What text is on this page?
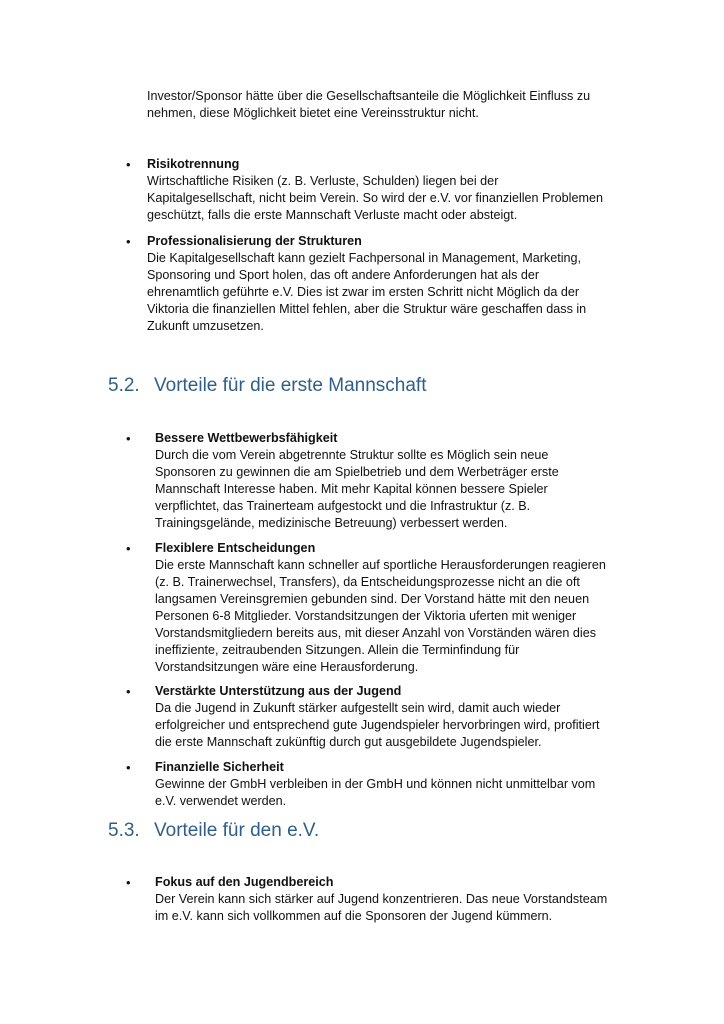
Investor/Sponsor hätte über die Gesellschaftsanteile die Möglichkeit Einfluss zu
nehmen, diese Möglichkeit bietet eine Vereinsstruktur nicht.
• Risikotrennung
Wirtschaftliche Risiken (z. B. Verluste, Schulden) liegen bei der
Kapitalgesellschaft, nicht beim Verein. So wird der e.V. vor finanziellen Problemen
geschützt, falls die erste Mannschaft Verluste macht oder absteigt.
• Professionalisierung der Strukturen
Die Kapitalgesellschaft kann gezielt Fachpersonal in Management, Marketing,
Sponsoring und Sport holen, das oft andere Anforderungen hat als der
ehrenamtlich geführte e.V. Dies ist zwar im ersten Schritt nicht Möglich da der
Viktoria die finanziellen Mittel fehlen, aber die Struktur wäre geschaffen dass in
Zukunft umzusetzen.
5.2. Vorteile für die erste Mannschaft
• Bessere Wettbewerbsfähigkeit
Durch die vom Verein abgetrennte Struktur sollte es Möglich sein neue
Sponsoren zu gewinnen die am Spielbetrieb und dem Werbeträger erste
Mannschaft Interesse haben. Mit mehr Kapital können bessere Spieler
verpflichtet, das Trainerteam aufgestockt und die Infrastruktur (z. B.
Trainingsgelände, medizinische Betreuung) verbessert werden.
• Flexiblere Entscheidungen
Die erste Mannschaft kann schneller auf sportliche Herausforderungen reagieren
(z. B. Trainerwechsel, Transfers), da Entscheidungsprozesse nicht an die oft
langsamen Vereinsgremien gebunden sind. Der Vorstand hätte mit den neuen
Personen 6-8 Mitglieder. Vorstandsitzungen der Viktoria uferten mit weniger
Vorstandsmitgliedern bereits aus, mit dieser Anzahl von Vorständen wären dies
ineffiziente, zeitraubenden Sitzungen. Allein die Terminfindung für
Vorstandsitzungen wäre eine Herausforderung.
• Verstärkte Unterstützung aus der Jugend
Da die Jugend in Zukunft stärker aufgestellt sein wird, damit auch wieder
erfolgreicher und entsprechend gute Jugendspieler hervorbringen wird, profitiert
die erste Mannschaft zukünftig durch gut ausgebildete Jugendspieler.
• Finanzielle Sicherheit
Gewinne der GmbH verbleiben in der GmbH und können nicht unmittelbar vom
e.V. verwendet werden.
5.3. Vorteile für den e.V.
• Fokus auf den Jugendbereich
Der Verein kann sich stärker auf Jugend konzentrieren. Das neue Vorstandsteam
im e.V. kann sich vollkommen auf die Sponsoren der Jugend kümmern.
